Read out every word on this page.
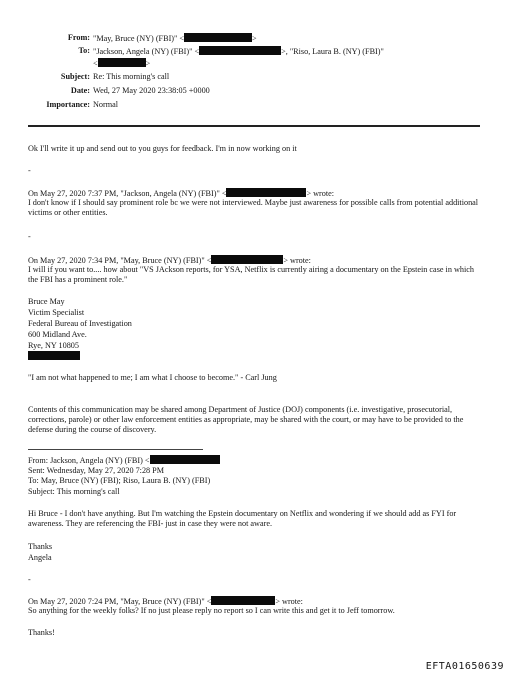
From: "May, Bruce (NY) (FBI)" <	>
To: "Jackson, Angela (NY) (FBI)" <	>, "Riso, Laura B. (NY) (FBI)"
<	>
Subject: Re: This morning's call
Date: Wed, 27 May 2020 23:38:05 +0000
Importance: Normal
Ok I'll write it up and send out to you guys for feedback. I'm in now working on it
-
On May 27, 2020 7:37 PM, "Jackson, Angela (NY) (FBI)" <	> wrote:
I don't know if I should say prominent role bc we were not interviewed. Maybe just awareness for possible calls from potential additional victims or other entities.
-
On May 27, 2020 7:34 PM, "May, Bruce (NY) (FBI)" <	> wrote:
I will if you want to.... how about "VS JAckson reports, for YSA, Netflix is currently airing a documentary on the Epstein case in which the FBI has a prominent role."
Bruce May
Victim Specialist
Federal Bureau of Investigation
600 Midland Ave.
Rye, NY 10805
"I am not what happened to me; I am what I choose to become." - Carl Jung
Contents of this communication may be shared among Department of Justice (DOJ) components (i.e. investigative, prosecutorial, corrections, parole) or other law enforcement entities as appropriate, may be shared with the court, or may have to be provided to the defense during the course of discovery.
From: Jackson, Angela (NY) (FBI) <
Sent: Wednesday, May 27, 2020 7:28 PM
To: May, Bruce (NY) (FBI); Riso, Laura B. (NY) (FBI)
Subject: This morning's call
Hi Bruce - I don't have anything. But I'm watching the Epstein documentary on Netflix and wondering if we should add as FYI for awareness. They are referencing the FBI- just in case they were not aware.
Thanks
Angela
-
On May 27, 2020 7:24 PM, "May, Bruce (NY) (FBI)" <	> wrote:
So anything for the weekly folks? If no just please reply no report so I can write this and get it to Jeff tomorrow.
Thanks!
EFTA01650639
